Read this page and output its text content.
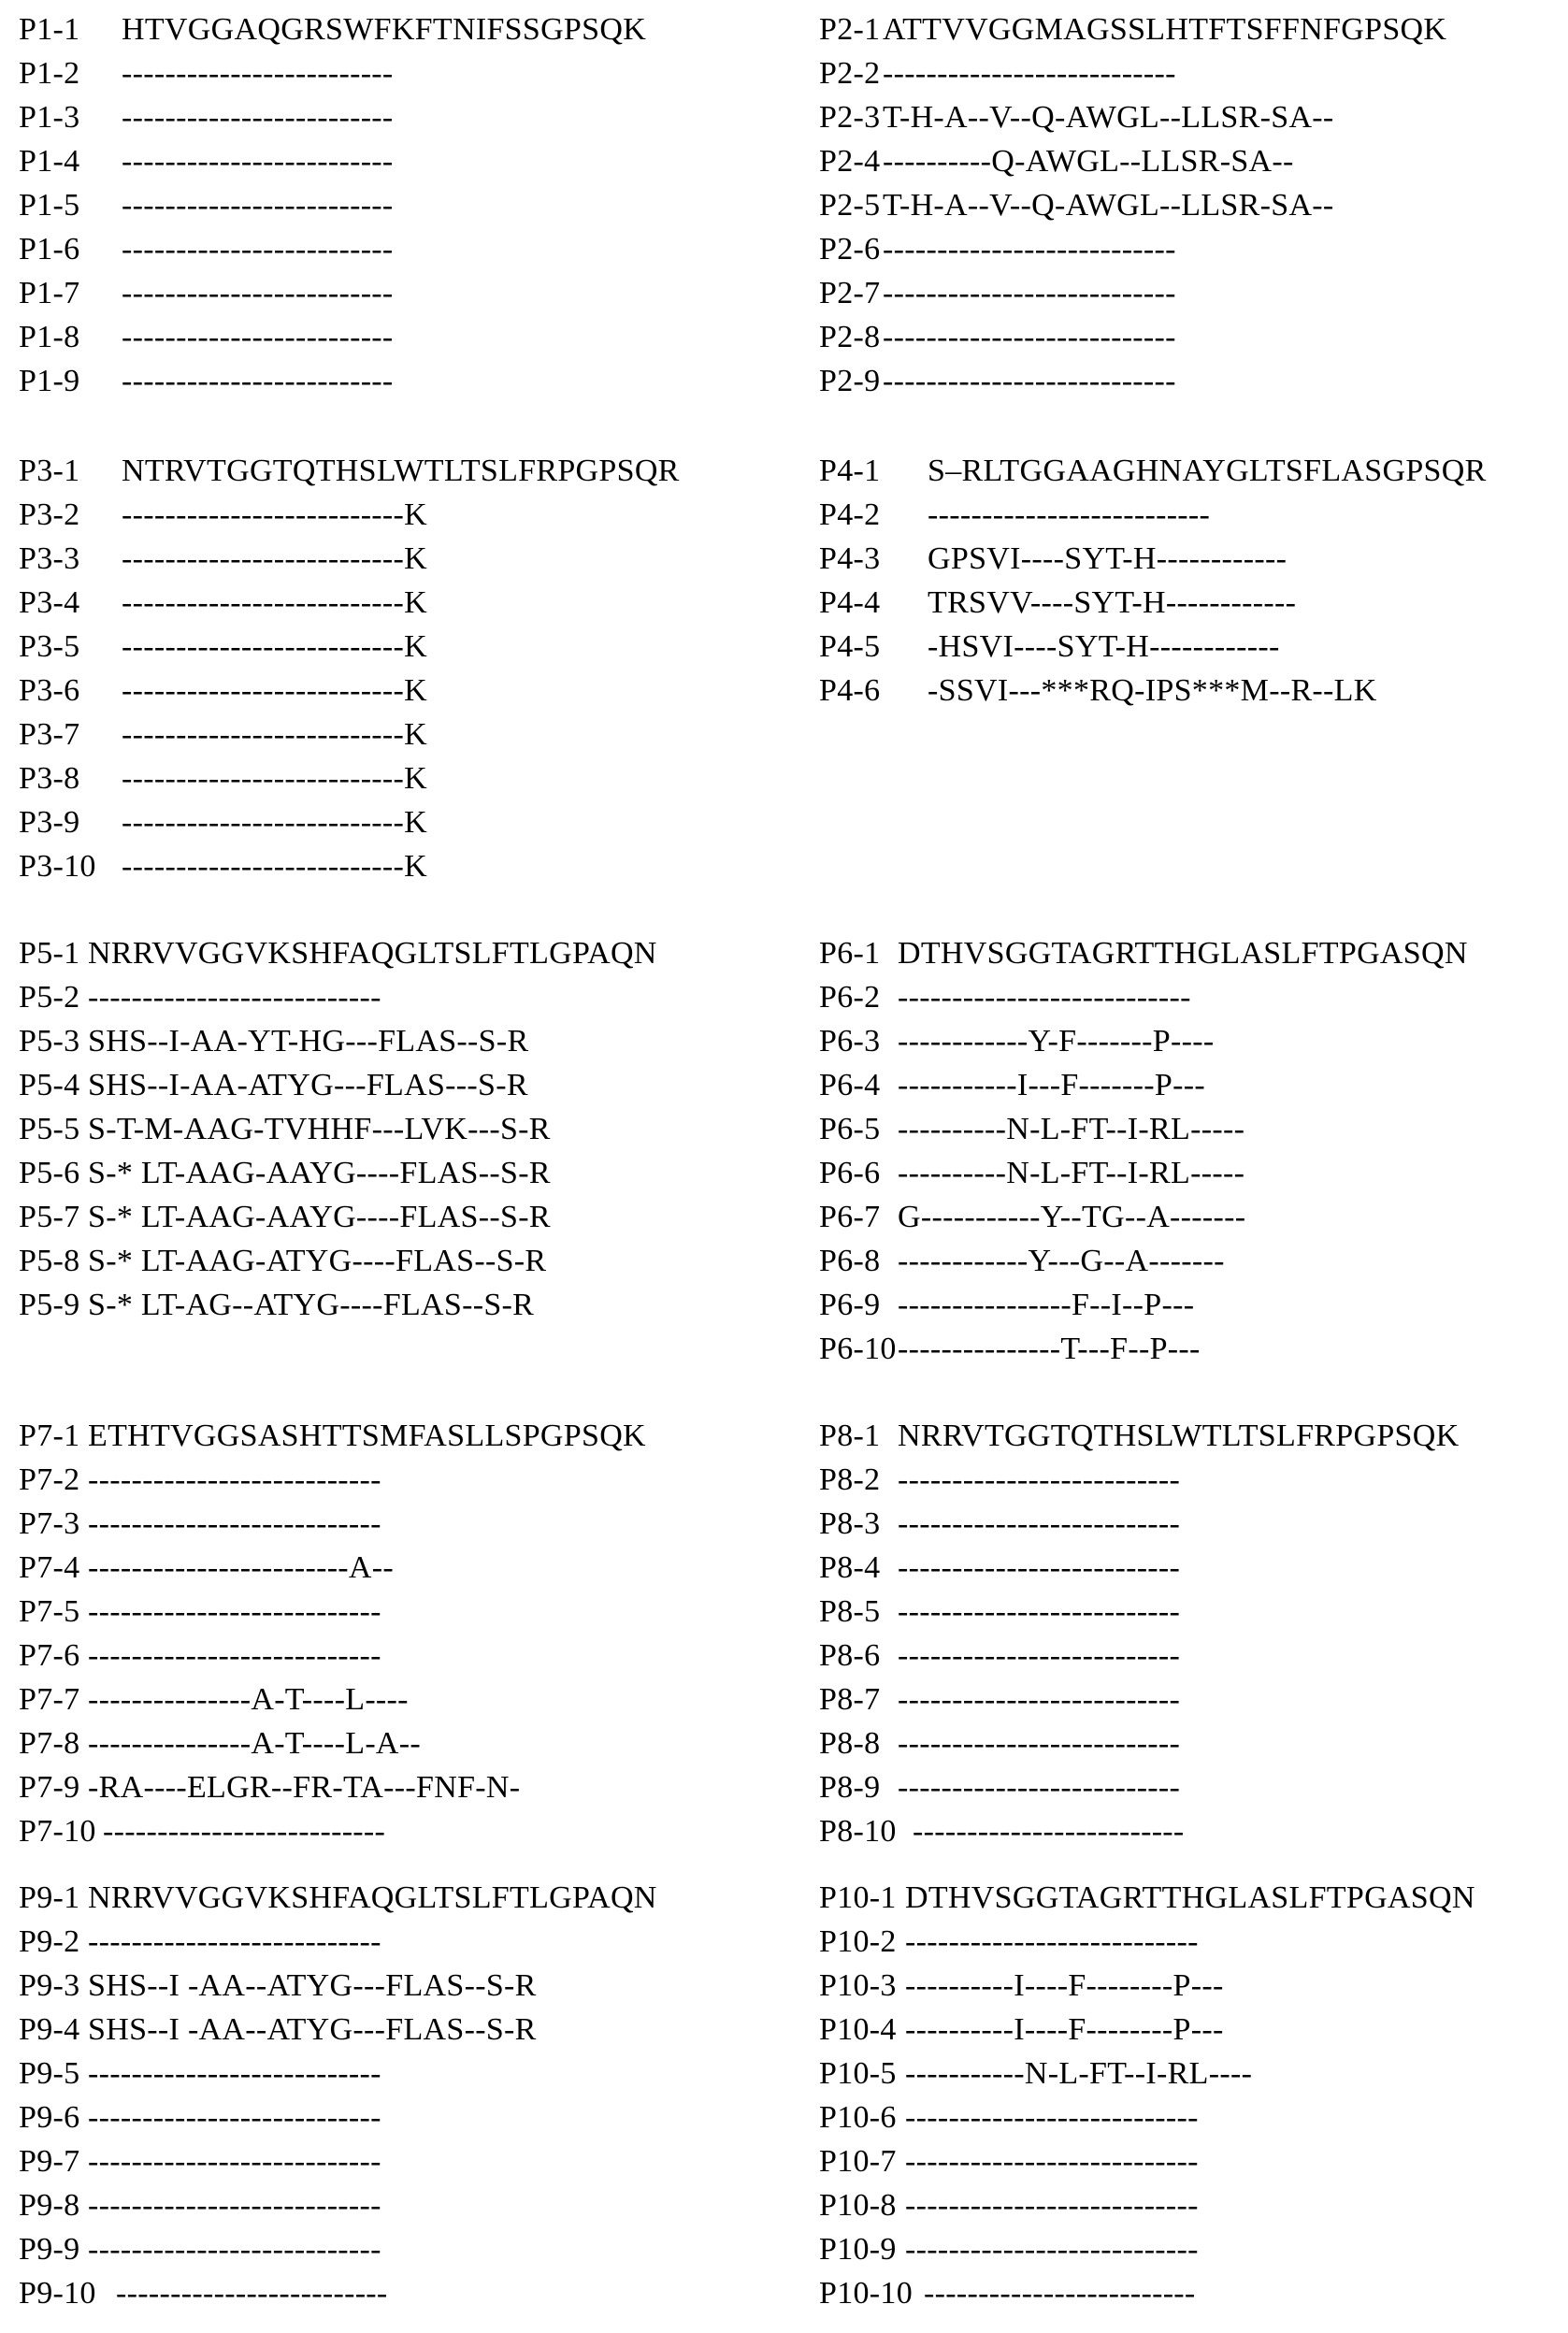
P1-1 HTVGGAQGRSWFKFTNIFSSGPSQK
P1-2 -------------------------
P1-3 -------------------------
P1-4 -------------------------
P1-5 -------------------------
P1-6 -------------------------
P1-7 -------------------------
P1-8 -------------------------
P1-9 -------------------------
P2-1ATTVVGGMAGSSLHTFTSFFNFGPSQK
P2-2---------------------------
P2-3T-H-A--V--Q-AWGL--LLSR-SA--
P2-4----------Q-AWGL--LLSR-SA--
P2-5T-H-A--V--Q-AWGL--LLSR-SA--
P2-6---------------------------
P2-7---------------------------
P2-8---------------------------
P2-9---------------------------
P3-1 NTRVTGGTQTHSLWTLTSLFRPGPSQR
P3-2 --------------------------K
P3-3 --------------------------K
P3-4 --------------------------K
P3-5 --------------------------K
P3-6 --------------------------K
P3-7 --------------------------K
P3-8 --------------------------K
P3-9 --------------------------K
P3-10 --------------------------K
P4-1 S–RLTGGAAGHNAYGLTSFLASGPSQR
P4-2 --------------------------
P4-3 GPSVI----SYT-H------------
P4-4 TRSVV----SYT-H------------
P4-5 -HSVI----SYT-H------------
P4-6 -SSVI---***RQ-IPS***M--R--LK
P5-1 NRRVVGGVKSHFAQGLTSLFTLGPAQN
P5-2 ---------------------------
P5-3 SHS--I-AA-YT-HG---FLAS--S-R
P5-4 SHS--I-AA-ATYG---FLAS---S-R
P5-5 S-T-M-AAG-TVHHF---LVK---S-R
P5-6 S-* LT-AAG-AAYG----FLAS--S-R
P5-7 S-* LT-AAG-AAYG----FLAS--S-R
P5-8 S-* LT-AAG-ATYG----FLAS--S-R
P5-9 S-* LT-AG--ATYG----FLAS--S-R
P6-1 DTHVSGGTAGRTTHGLASLFTPGASQN
P6-2 ---------------------------
P6-3 ------------Y-F-------P----
P6-4 -----------I---F-------P---
P6-5 ----------N-L-FT--I-RL-----
P6-6 ----------N-L-FT--I-RL-----
P6-7 G-----------Y--TG--A-------
P6-8 ------------Y---G--A-------
P6-9 ----------------F--I--P---
P6-10---------------T---F--P---
P7-1 ETHTVGGSASHTTSMFASLLSPGPSQK
P7-2 ---------------------------
P7-3 ---------------------------
P7-4 ------------------------A--
P7-5 ---------------------------
P7-6 ---------------------------
P7-7 ---------------A-T----L----
P7-8 ---------------A-T----L-A--
P7-9 -RA----ELGR--FR-TA---FNF-N-
P7-10 --------------------------
P8-1 NRRVTGGTQTHSLWTLTSLFRPGPSQK
P8-2 --------------------------
P8-3 --------------------------
P8-4 --------------------------
P8-5 --------------------------
P8-6 --------------------------
P8-7 --------------------------
P8-8 --------------------------
P8-9 --------------------------
P8-10 -------------------------
P9-1 NRRVVGGVKSHFAQGLTSLFTLGPAQN
P9-2 ---------------------------
P9-3 SHS--I -AA--ATYG---FLAS--S-R
P9-4 SHS--I -AA--ATYG---FLAS--S-R
P9-5 ---------------------------
P9-6 ---------------------------
P9-7 ---------------------------
P9-8 ---------------------------
P9-9 ---------------------------
P9-10 -------------------------
P10-1 DTHVSGGTAGRTTHGLASLFTPGASQN
P10-2 ---------------------------
P10-3 ----------I----F--------P---
P10-4 ----------I----F--------P---
P10-5 -----------N-L-FT--I-RL----
P10-6 ---------------------------
P10-7 ---------------------------
P10-8 ---------------------------
P10-9 ---------------------------
P10-10 -------------------------
